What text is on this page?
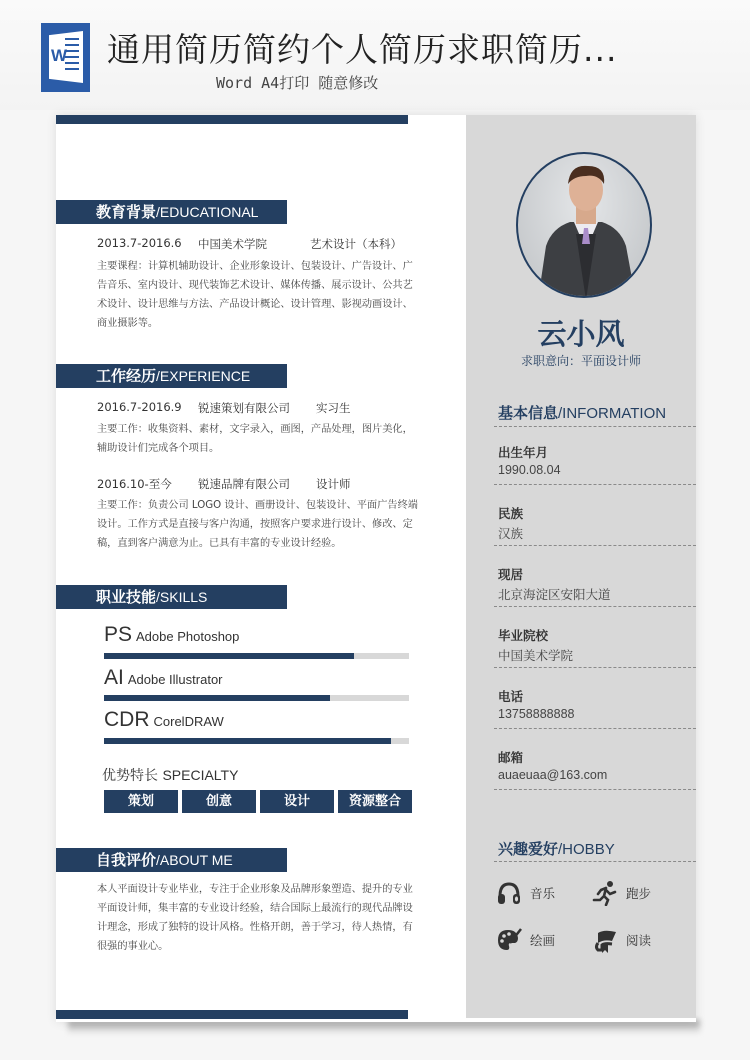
W 通用简历简约个人简历求职简历...
Word A4打印 随意修改
教育背景/EDUCATIONAL
2013.7-2016.6 中国美术学院	艺术设计（本科）
主要课程：计算机辅助设计、企业形象设计、包装设计、广告设计、广告音乐、室内设计、现代装饰艺术设计、媒体传播、展示设计、公共艺术设计、设计思维与方法、产品设计概论、设计管理、影视动画设计、商业摄影等。
工作经历/EXPERIENCE
2016.7-2016.9 锐速策划有限公司 实习生
主要工作：收集资料、素材，文字录入，画图，产品处理，图片美化，辅助设计们完成各个项目。
2016.10-至今 锐速品牌有限公司 设计师
主要工作：负责公司 LOGO 设计、画册设计、包装设计、平面广告终端设计。工作方式是直接与客户沟通，按照客户要求进行设计、修改、定稿，直到客户满意为止。已具有丰富的专业设计经验。
职业技能/SKILLS
PS Adobe Photoshop
AI Adobe Illustrator
CDR CorelDRAW
优势特长 SPECIALTY
策划	创意	设计	资源整合
自我评价/ABOUT ME
本人平面设计专业毕业，专注于企业形象及品牌形象塑造、提升的专业平面设计师，集丰富的专业设计经验，结合国际上最流行的现代品牌设计理念，形成了独特的设计风格。性格开朗，善于学习，待人热情，有很强的事业心。
云小风
求职意向：平面设计师
基本信息/INFORMATION
出生年月
1990.08.04
民族
汉族
现居
北京海淀区安阳大道
毕业院校
中国美术学院
电话
13758888888
邮箱
auaeuaa@163.com
兴趣爱好/HOBBY
音乐	跑步
绘画	阅读
